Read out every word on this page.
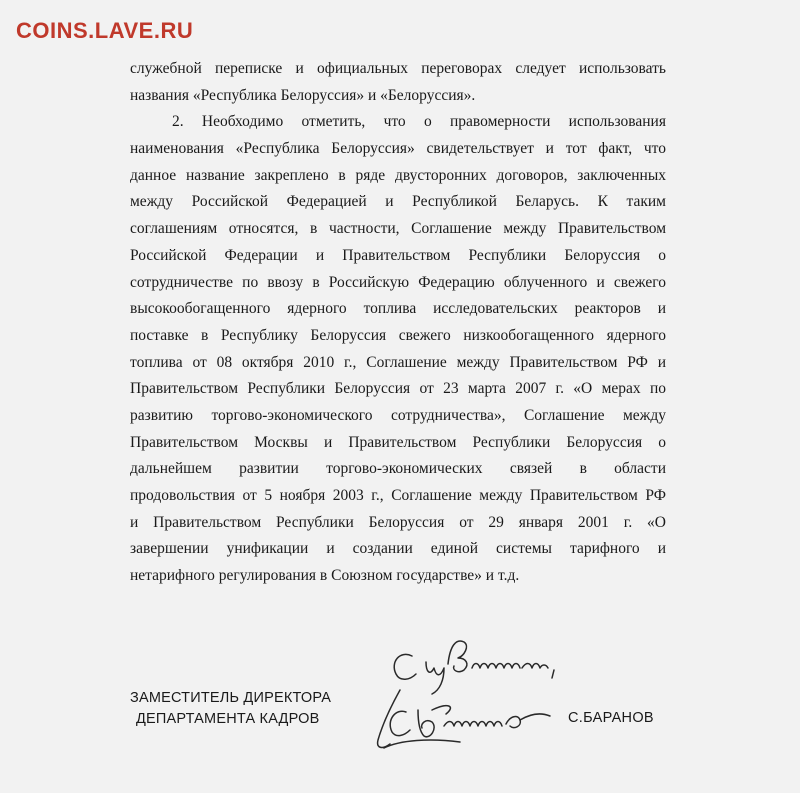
COINS.LAVE.RU
служебной переписке и официальных переговорах следует использовать
названия «Республика Белоруссия» и «Белоруссия».
2. Необходимо отметить, что о правомерности использования
наименования «Республика Белоруссия» свидетельствует и тот факт, что
данное название закреплено в ряде двусторонних договоров, заключенных
между Российской Федерацией и Республикой Беларусь. К таким
соглашениям относятся, в частности, Соглашение между Правительством
Российской Федерации и Правительством Республики Белоруссия о
сотрудничестве по ввозу в Российскую Федерацию облученного и свежего
высокообогащенного ядерного топлива исследовательских реакторов и
поставке в Республику Белоруссия свежего низкообогащенного ядерного
топлива от 08 октября 2010 г., Соглашение между Правительством РФ и
Правительством Республики Белоруссия от 23 марта 2007 г. «О мерах по
развитию торгово-экономического сотрудничества», Соглашение между
Правительством Москвы и Правительством Республики Белоруссия о
дальнейшем развитии торгово-экономических связей в области
продовольствия от 5 ноября 2003 г., Соглашение между Правительством РФ
и Правительством Республики Белоруссия от 29 января 2001 г. «О
завершении унификации и создании единой системы тарифного и
нетарифного регулирования в Союзном государстве» и т.д.
ЗАМЕСТИТЕЛЬ ДИРЕКТОРА
ДЕПАРТАМЕНТА КАДРОВ	С.БАРАНОВ
